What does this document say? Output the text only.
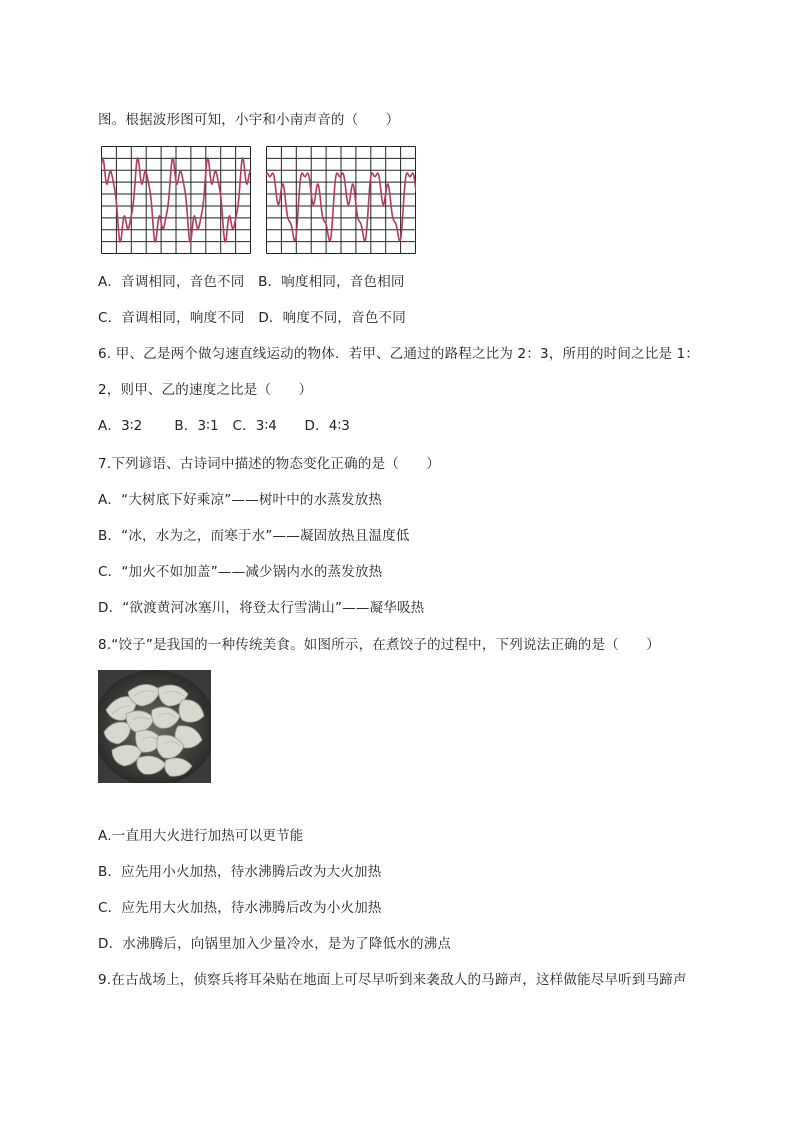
图。根据波形图可知，小宇和小南声音的（　　）
A．音调相同，音色不同　B．响度相同，音色相同
C．音调相同，响度不同　D．响度不同，音色不同
6. 甲、乙是两个做匀速直线运动的物体．若甲、乙通过的路程之比为 2：3，所用的时间之比是 1：
2，则甲、乙的速度之比是（　　）
A．3∶2　　 B．3∶1　C．3∶4　　D．4∶3
7.下列谚语、古诗词中描述的物态变化正确的是（　　）
A．“大树底下好乘凉”——树叶中的水蒸发放热
B．“冰，水为之，而寒于水”——凝固放热且温度低
C．“加火不如加盖”——减少锅内水的蒸发放热
D．“欲渡黄河冰塞川，将登太行雪满山”——凝华吸热
8.“饺子”是我国的一种传统美食。如图所示，在煮饺子的过程中，下列说法正确的是（　　）
A.一直用大火进行加热可以更节能
B．应先用小火加热，待水沸腾后改为大火加热
C．应先用大火加热，待水沸腾后改为小火加热
D．水沸腾后，向锅里加入少量冷水，是为了降低水的沸点
9.在古战场上，侦察兵将耳朵贴在地面上可尽早听到来袭敌人的马蹄声，这样做能尽早听到马蹄声
